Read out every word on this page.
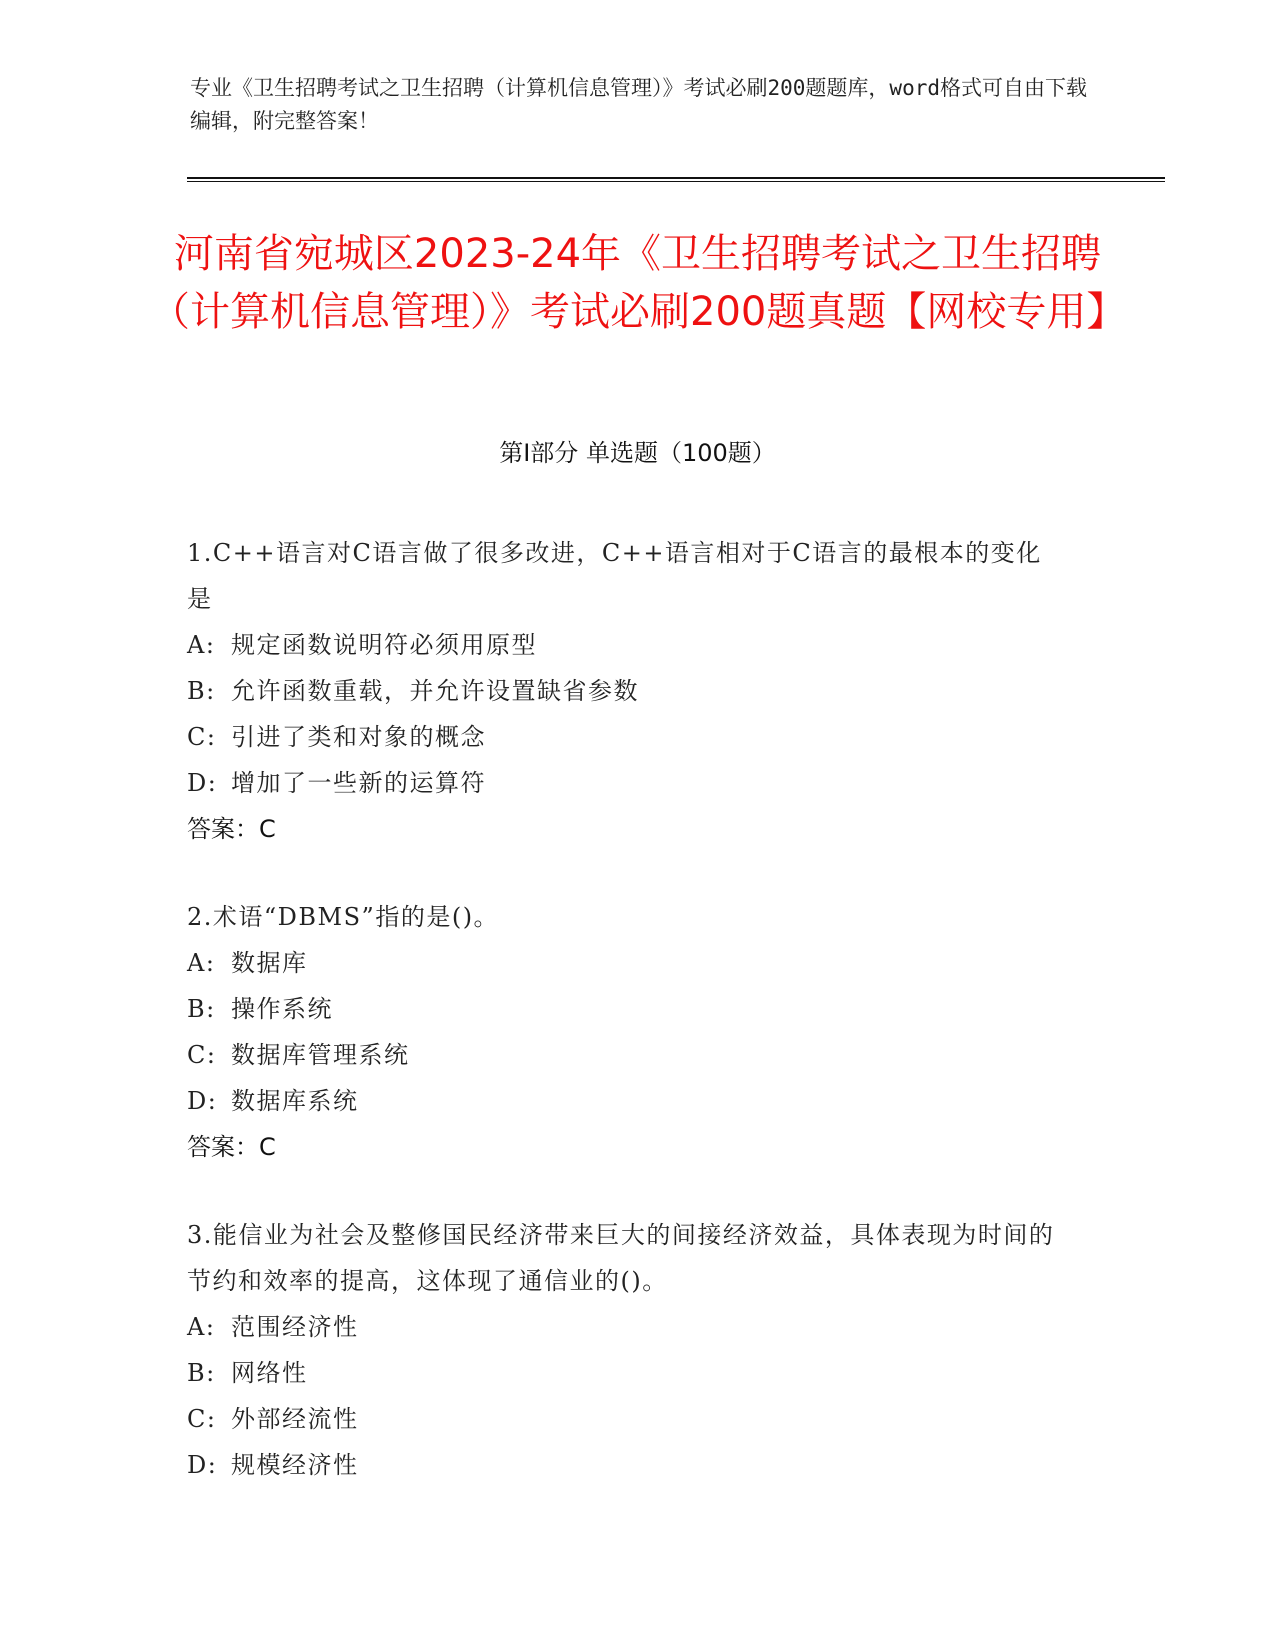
专业《卫生招聘考试之卫生招聘（计算机信息管理）》考试必刷200题题库，word格式可自由下载编辑，附完整答案！
河南省宛城区2023-24年《卫生招聘考试之卫生招聘（计算机信息管理）》考试必刷200题真题【网校专用】
第I部分 单选题（100题）
1.C++语言对C语言做了很多改进，C++语言相对于C语言的最根本的变化是
A: 规定函数说明符必须用原型
B: 允许函数重载，并允许设置缺省参数
C: 引进了类和对象的概念
D: 增加了一些新的运算符
答案：C
2.术语“DBMS”指的是()。
A: 数据库
B: 操作系统
C: 数据库管理系统
D: 数据库系统
答案：C
3.能信业为社会及整修国民经济带来巨大的间接经济效益，具体表现为时间的节约和效率的提高，这体现了通信业的()。
A: 范围经济性
B: 网络性
C: 外部经流性
D: 规模经济性
